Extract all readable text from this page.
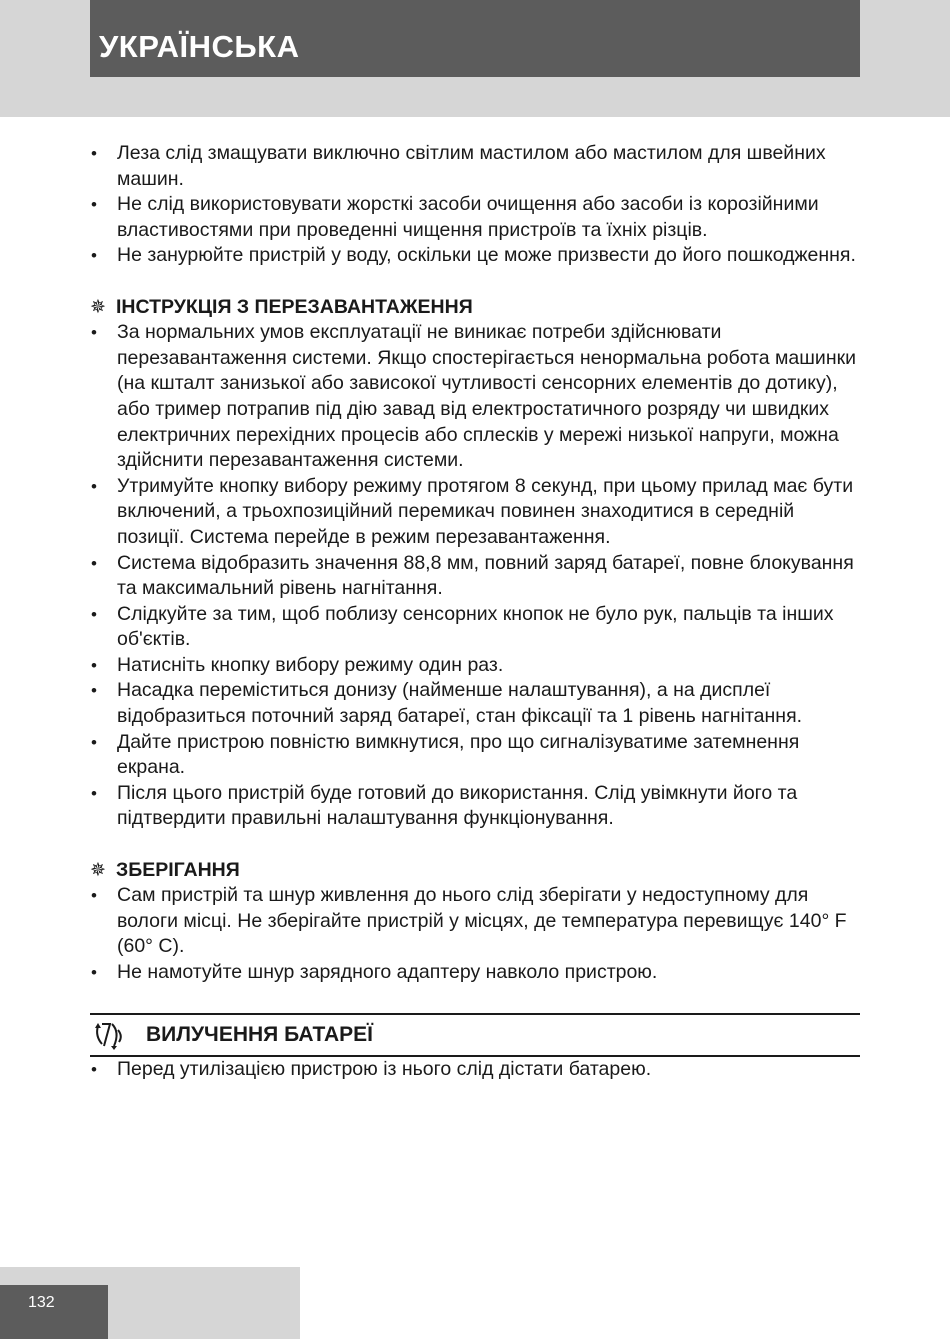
УКРАЇНСЬКА
• Леза слід змащувати виключно світлим мастилом або мастилом для швейних машин.
• Не слід використовувати жорсткі засоби очищення або засоби із корозійними властивостями при проведенні чищення пристроїв та їхніх різців.
• Не занурюйте пристрій у воду, оскільки це може призвести до його пошкодження.
✵ ІНСТРУКЦІЯ З ПЕРЕЗАВАНТАЖЕННЯ
• За нормальних умов експлуатації не виникає потреби здійснювати перезавантаження системи. Якщо спостерігається ненормальна робота машинки (на кшталт занизької або зависокої чутливості сенсорних елементів до дотику), або тример потрапив під дію завад від електростатичного розряду чи швидких електричних перехідних процесів або сплесків у мережі низької напруги, можна здійснити перезавантаження системи.
• Утримуйте кнопку вибору режиму протягом 8 секунд, при цьому прилад має бути включений, а трьохпозиційний перемикач повинен знаходитися в середній позиції. Система перейде в режим перезавантаження.
• Система відобразить значення 88,8 мм, повний заряд батареї, повне блокування та максимальний рівень нагнітання.
• Слідкуйте за тим, щоб поблизу сенсорних кнопок не було рук, пальців та інших об'єктів.
• Натисніть кнопку вибору режиму один раз.
• Насадка переміститься донизу (найменше налаштування), а на дисплеї відобразиться поточний заряд батареї, стан фіксації та 1 рівень нагнітання.
• Дайте пристрою повністю вимкнутися, про що сигналізуватиме затемнення екрана.
• Після цього пристрій буде готовий до використання. Слід увімкнути його та підтвердити правильні налаштування функціонування.
✵ ЗБЕРІГАННЯ
• Сам пристрій та шнур живлення до нього слід зберігати у недоступному для вологи місці. Не зберігайте пристрій у місцях, де температура перевищує 140° F (60° C).
• Не намотуйте шнур зарядного адаптеру навколо пристрою.
ВИЛУЧЕННЯ БАТАРЕЇ
• Перед утилізацією пристрою із нього слід дістати батарею.
132
